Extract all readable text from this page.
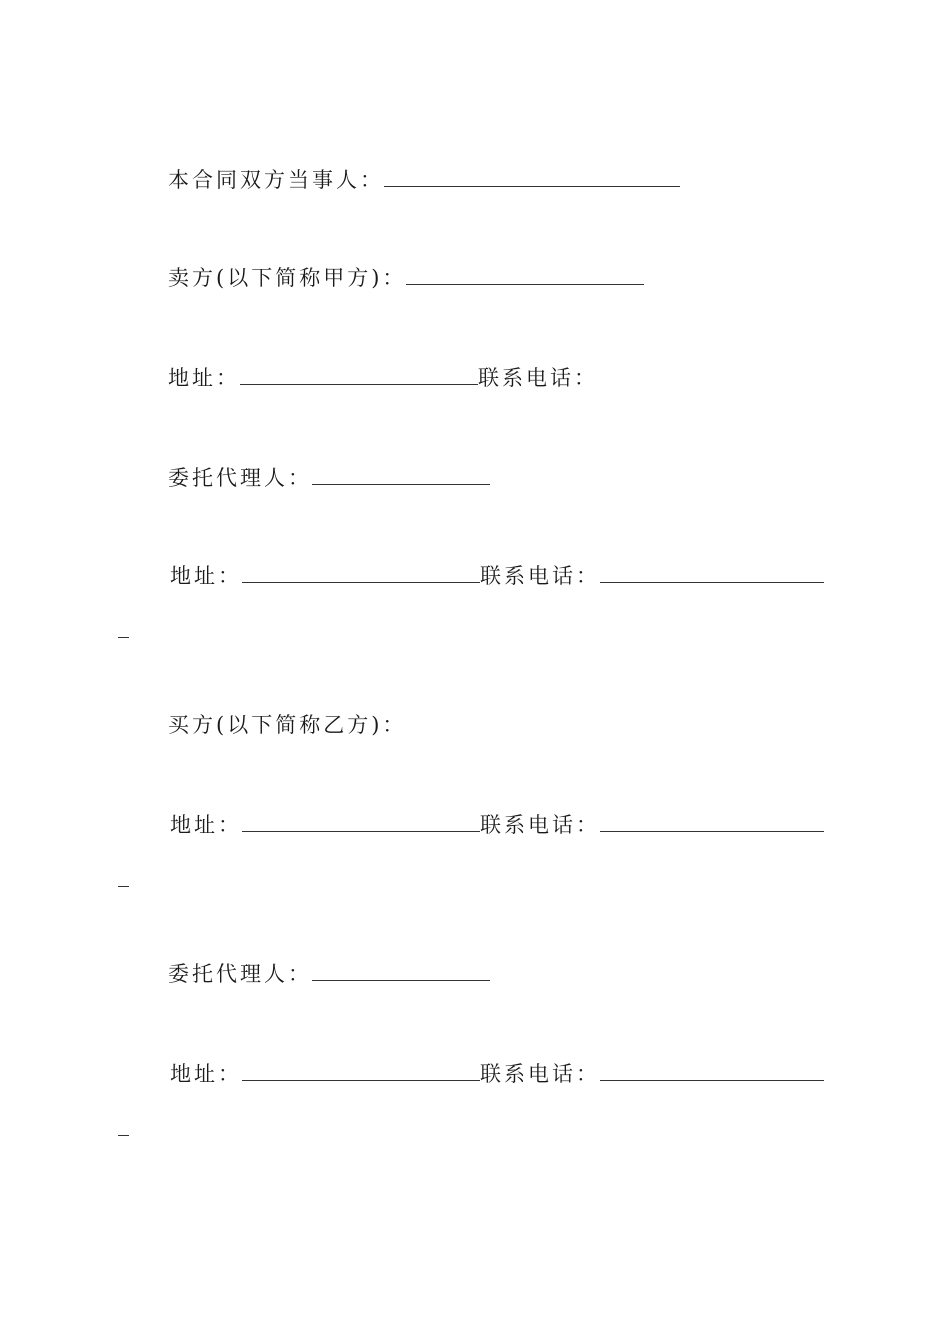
本合同双方当事人：
卖方(以下简称甲方)：
地址：	联系电话：
委托代理人：
地址：	联系电话：
买方(以下简称乙方)：
地址：	联系电话：
委托代理人：
地址：	联系电话：
